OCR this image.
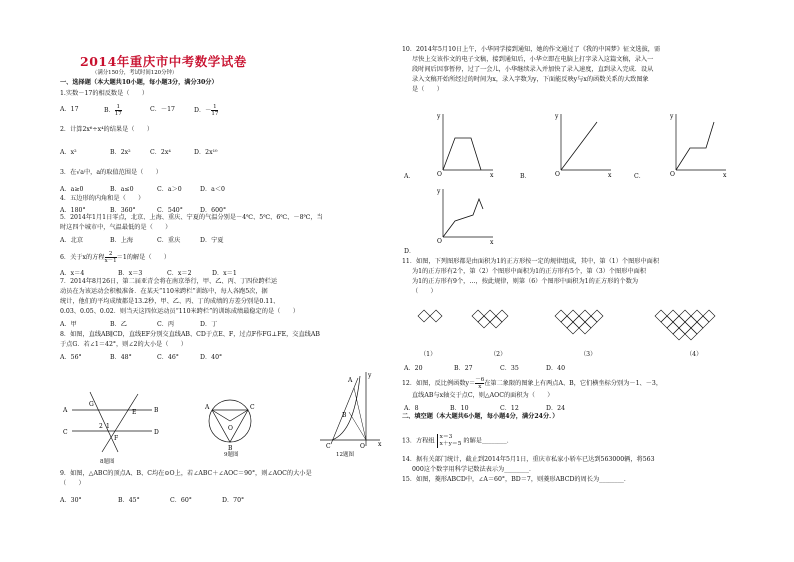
2014年重庆市中考数学试卷
（满分150分，考试时间120分钟）
一、选择题（本大题共10小题，每小题3分，满分30分）
1.实数－17的相反数是（　　）
A．17	B． $\frac{1}{17}$	C．－17	D．－ $\frac{1}{17}$
2．计算2x⁶÷x⁴的结果是（　　）
A．x²	B．2x²	C．2x⁴	D．2x¹⁰
3．在√a中，a的取值范围是（　　）
A．a≥0	B．a≤0	C．a＞0	D．a＜0
4．五边形的内角和是（　　）
A．180°	B．360°	C．540°	D．600°
5．2014年1月1日零点，北京、上海、重庆、宁夏的气温分别是－4℃、5℃、6℃、－8℃，当
时这四个城市中，气温最低的是（　　）
A．北京	B．上海	C．重庆	D．宁夏
6．关于x的方程 $\frac{2}{x-1} =1$的解是（　　）
A．x＝4	B．x＝3	C．x＝2	D．x＝1
7．2014年8月26日，第二届亚青会将在南京举行，甲、乙、丙、丁四位跨栏运
动员在为该运动会积极准备．在某天“110米跨栏”训练中，每人各跑5次，据
统计，他们的平均成绩都是13.2秒，甲、乙、丙、丁的成绩的方差分别是0.11、
0.03、0.05、0.02．则当天这四位运动员“110米跨栏”的训练成绩最稳定的是（　　）
A．甲	B．乙	C．丙	D．丁
8．如图，直线AB∥CD，直线EF分别交直线AB、CD于点E、F，过点F作FG⊥FE，交直线AB
于点G．若∠1＝42°，则∠2的大小是（　　）
A．56°	B．48°	C．46°	D．40°
A
G
B
C
2 1
F
D
E
8题图
A
O
B
C
9题图
A
y
B
C	O x
12题图
9．如图，△ABC的顶点A、B、C均在⊙O上，若∠ABC＋∠AOC＝90°，则∠AOC的大小是
（　　）
A．30°	B．45°	C．60°	D．70°
10．2014年5月10日上午，小华同学接到通知，她的作文通过了《我的中国梦》征文选拔，需
尽快上交该作文的电子文稿，接到通知后，小华立即在电脑上打字录入这篇文稿，录入一
段时间后因事暂停，过了一会儿，小华继续录入并加快了录入速度，直到录入完成．设从
录入文稿开始所经过的时间为x，录入字数为y，下面能反映y与x的函数关系的大致图象
是（　　）
y
O	x
y
O	x
y
O	x
A．	B．	C．
y
O	x
D．
11．如图，下列图形都是由面积为1的正方形按一定的规律组成，其中，第（1）个图形中面积
为1的正方形有2个，第（2）个图形中面积为1的正方形有5个，第（3）个图形中面积
为1的正方形有9个，…，按此规律，则第（6）个图形中面积为1的正方形的个数为
（　　）
（1）	（2）	（3）	（4）
A．20	B．27	C．35	D．40
12．如图，反比例函数$y= \frac{-6}{x}$ 在第二象限的图象上有两点A、B，它们横坐标分别为－1、－3，
直线AB与x轴交于点C，则△AOC的面积为（　　）
A．8	B．10	C．12	D．24
二、填空题（本大题共6小题，每小题4分，满分24分．）
13．方程组
x＝3
x＋y＝5 的解是________．
14．据有关部门统计，截止到2014年5月1日，重庆市私家小轿车已达到563000辆，将563
000这个数字用科学记数法表示为________．
15．如图，菱形ABCD中，∠A＝60°，BD＝7，则菱形ABCD的周长为________．
